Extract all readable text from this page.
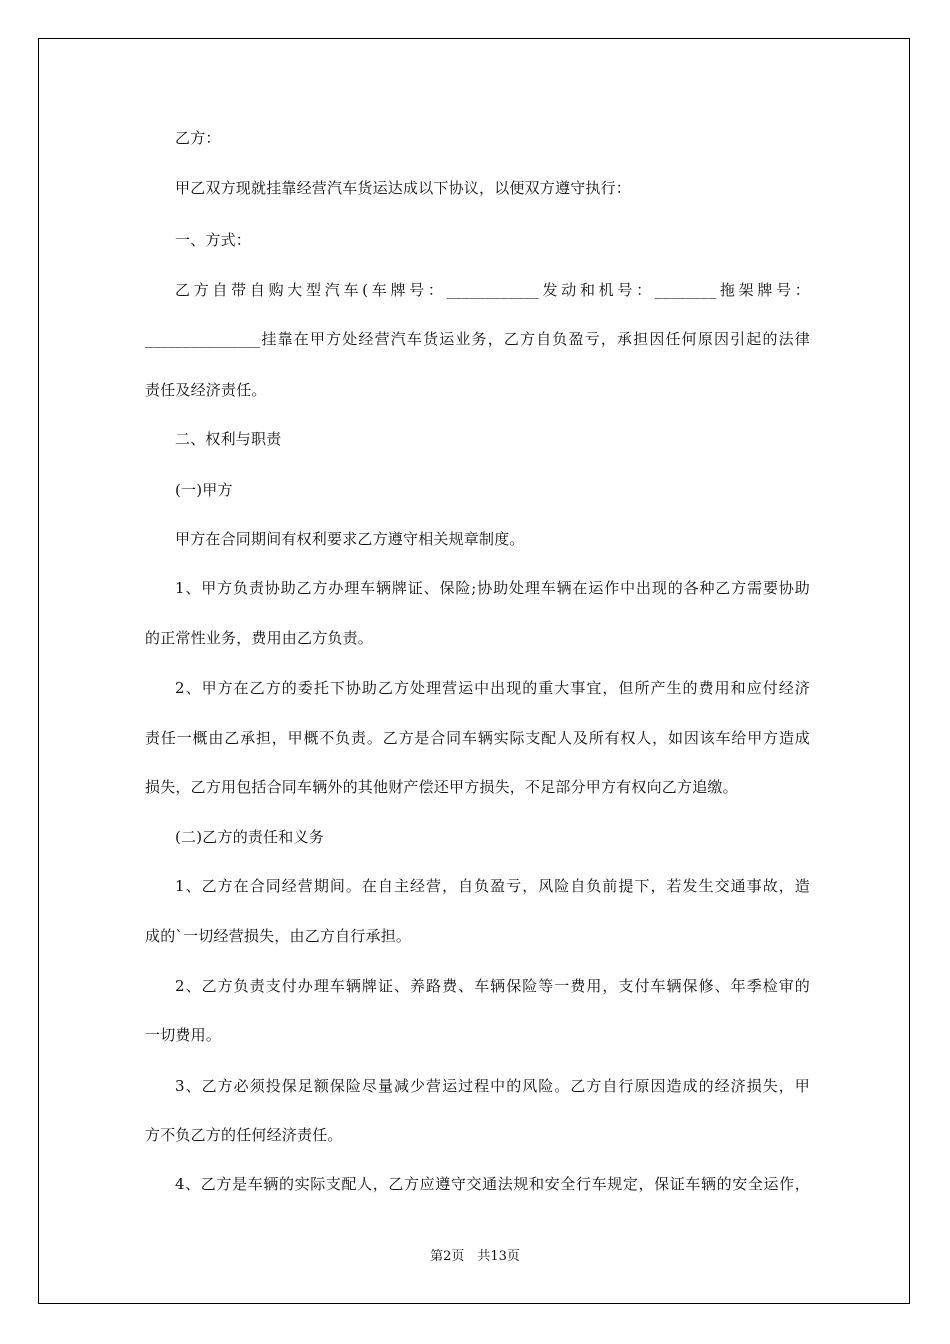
乙方：
甲乙双方现就挂靠经营汽车货运达成以下协议，以便双方遵守执行：
一、方式：
乙方自带自购大型汽车(车牌号：____________发动和机号：________拖架牌号：
_______________挂靠在甲方处经营汽车货运业务，乙方自负盈亏，承担因任何原因引起的法律
责任及经济责任。
二、权利与职责
(一)甲方
甲方在合同期间有权利要求乙方遵守相关规章制度。
1、甲方负责协助乙方办理车辆牌证、保险;协助处理车辆在运作中出现的各种乙方需要协助
的正常性业务，费用由乙方负责。
2、甲方在乙方的委托下协助乙方处理营运中出现的重大事宜，但所产生的费用和应付经济
责任一概由乙承担，甲概不负责。乙方是合同车辆实际支配人及所有权人，如因该车给甲方造成
损失，乙方用包括合同车辆外的其他财产偿还甲方损失，不足部分甲方有权向乙方追缴。
(二)乙方的责任和义务
1、乙方在合同经营期间。在自主经营，自负盈亏，风险自负前提下，若发生交通事故，造
成的`一切经营损失，由乙方自行承担。
2、乙方负责支付办理车辆牌证、养路费、车辆保险等一费用，支付车辆保修、年季检审的
一切费用。
3、乙方必须投保足额保险尽量减少营运过程中的风险。乙方自行原因造成的经济损失，甲
方不负乙方的任何经济责任。
4、乙方是车辆的实际支配人，乙方应遵守交通法规和安全行车规定，保证车辆的安全运作，
第2页　共13页
